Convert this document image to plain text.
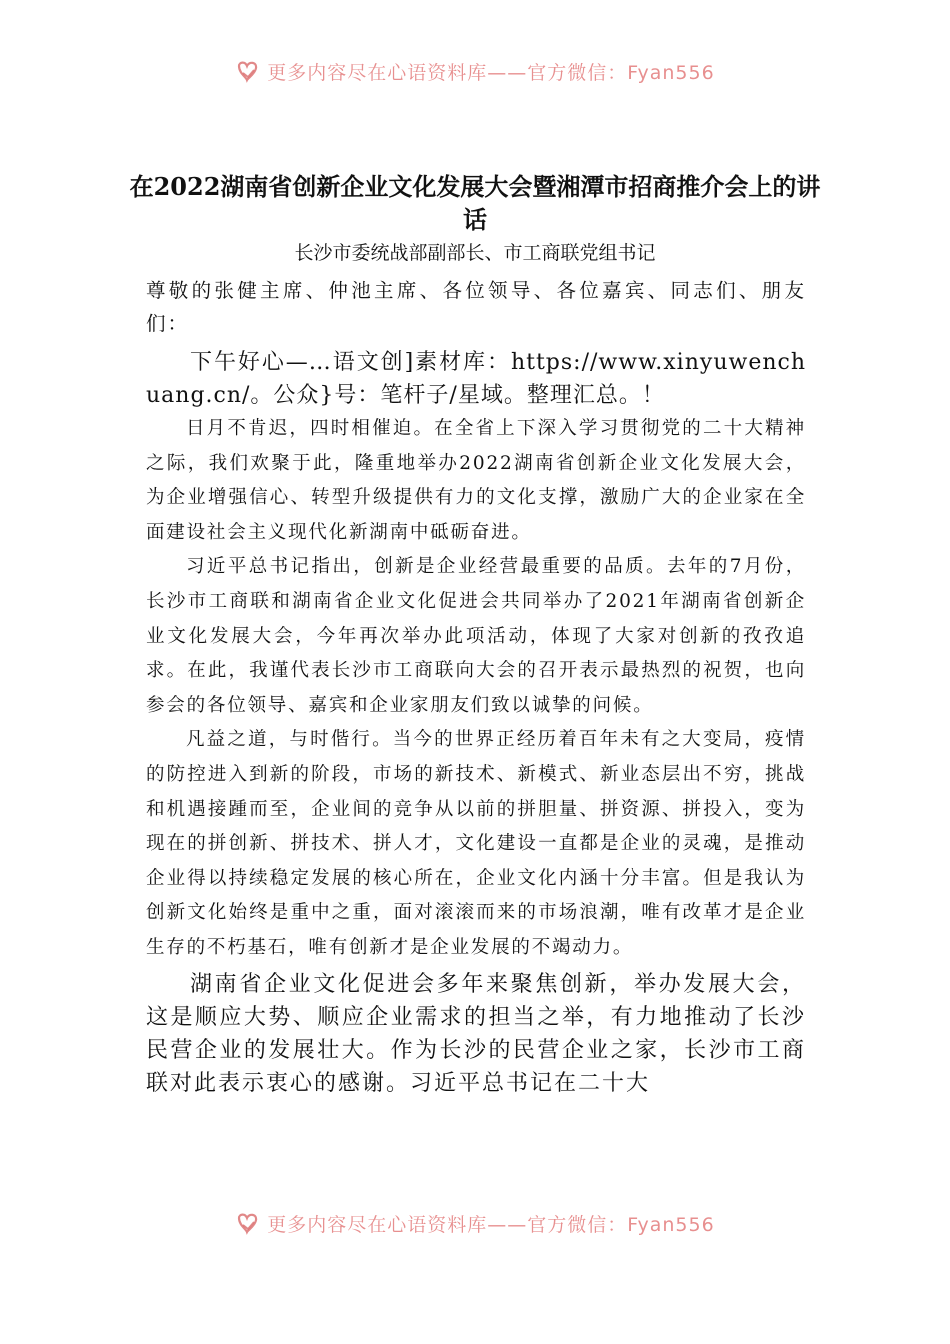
更多内容尽在心语资料库——官方微信：Fyan556
在2022湖南省创新企业文化发展大会暨湘潭市招商推介会上的讲话

长沙市委统战部副部长、市工商联党组书记

尊敬的张健主席、仲池主席、各位领导、各位嘉宾、同志们、朋友们：

下午好心—…语文创]素材库：https://www.xinyuwenchuang.cn/。公众}号：笔杆子/星域。整理汇总。！

日月不肯迟，四时相催迫。在全省上下深入学习贯彻党的二十大精神之际，我们欢聚于此，隆重地举办2022湖南省创新企业文化发展大会，为企业增强信心、转型升级提供有力的文化支撑，激励广大的企业家在全面建设社会主义现代化新湖南中砥砺奋进。

习近平总书记指出，创新是企业经营最重要的品质。去年的7月份，长沙市工商联和湖南省企业文化促进会共同举办了2021年湖南省创新企业文化发展大会，今年再次举办此项活动，体现了大家对创新的孜孜追求。在此，我谨代表长沙市工商联向大会的召开表示最热烈的祝贺，也向参会的各位领导、嘉宾和企业家朋友们致以诚挚的问候。

凡益之道，与时偕行。当今的世界正经历着百年未有之大变局，疫情的防控进入到新的阶段，市场的新技术、新模式、新业态层出不穷，挑战和机遇接踵而至，企业间的竞争从以前的拼胆量、拼资源、拼投入，变为现在的拼创新、拼技术、拼人才，文化建设一直都是企业的灵魂，是推动企业得以持续稳定发展的核心所在，企业文化内涵十分丰富。但是我认为创新文化始终是重中之重，面对滚滚而来的市场浪潮，唯有改革才是企业生存的不朽基石，唯有创新才是企业发展的不竭动力。

湖南省企业文化促进会多年来聚焦创新，举办发展大会，这是顺应大势、顺应企业需求的担当之举，有力地推动了长沙民营企业的发展壮大。作为长沙的民营企业之家，长沙市工商联对此表示衷心的感谢。习近平总书记在二十大

更多内容尽在心语资料库——官方微信：Fyan556
